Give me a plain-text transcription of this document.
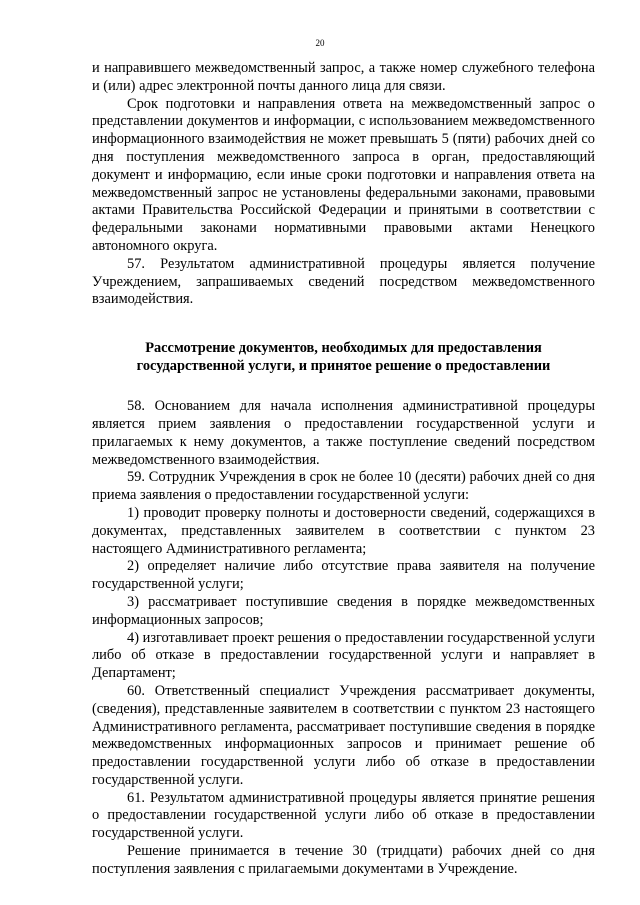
20

и направившего межведомственный запрос, а также номер служебного телефона и (или) адрес электронной почты данного лица для связи.

Срок подготовки и направления ответа на межведомственный запрос о представлении документов и информации, с использованием межведомственного информационного взаимодействия не может превышать 5 (пяти) рабочих дней со дня поступления межведомственного запроса в орган, предоставляющий документ и информацию, если иные сроки подготовки и направления ответа на межведомственный запрос не установлены федеральными законами, правовыми актами Правительства Российской Федерации и принятыми в соответствии с федеральными законами нормативными правовыми актами Ненецкого автономного округа.

57. Результатом административной процедуры является получение Учреждением, запрашиваемых сведений посредством межведомственного взаимодействия.

Рассмотрение документов, необходимых для предоставления государственной услуги, и принятое решение о предоставлении

58. Основанием для начала исполнения административной процедуры является прием заявления о предоставлении государственной услуги и прилагаемых к нему документов, а также поступление сведений посредством межведомственного взаимодействия.

59. Сотрудник Учреждения в срок не более 10 (десяти) рабочих дней со дня приема заявления о предоставлении государственной услуги:

1) проводит проверку полноты и достоверности сведений, содержащихся в документах, представленных заявителем в соответствии с пунктом 23 настоящего Административного регламента;

2) определяет наличие либо отсутствие права заявителя на получение государственной услуги;

3) рассматривает поступившие сведения в порядке межведомственных информационных запросов;

4) изготавливает проект решения о предоставлении государственной услуги либо об отказе в предоставлении государственной услуги и направляет в Департамент;

60. Ответственный специалист Учреждения рассматривает документы, (сведения), представленные заявителем в соответствии с пунктом 23 настоящего Административного регламента, рассматривает поступившие сведения в порядке межведомственных информационных запросов и принимает решение об предоставлении государственной услуги либо об отказе в предоставлении государственной услуги.

61. Результатом административной процедуры является принятие решения о предоставлении государственной услуги либо об отказе в предоставлении государственной услуги.

Решение принимается в течение 30 (тридцати) рабочих дней со дня поступления заявления с прилагаемыми документами в Учреждение.
